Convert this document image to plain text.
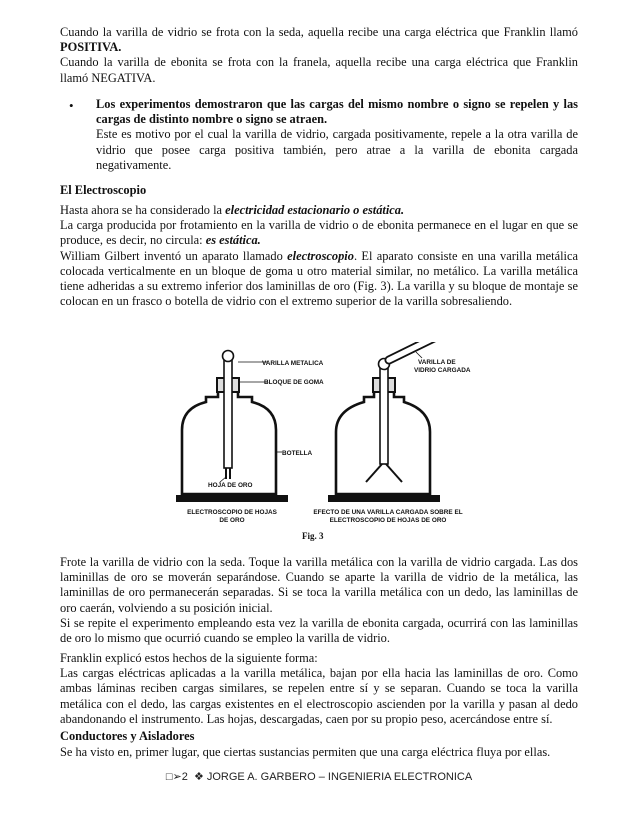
Cuando la varilla de vidrio se frota con la seda, aquella recibe una carga eléctrica que Franklin llamó
POSITIVA.
Cuando la varilla de ebonita se frota con la franela, aquella recibe una carga eléctrica que Franklin
llamó NEGATIVA.
• Los experimentos demostraron que las cargas del mismo nombre o signo se repelen y las
cargas de distinto nombre o signo se atraen.
Este es motivo por el cual la varilla de vidrio, cargada positivamente, repele a la otra varilla de
vidrio que posee carga positiva también, pero atrae a la varilla de ebonita cargada
negativamente.
El Electroscopio
Hasta ahora se ha considerado la electricidad estacionario o estática.
La carga producida por frotamiento en la varilla de vidrio o de ebonita permanece en el lugar en que se
produce, es decir, no circula: es estática.
William Gilbert inventó un aparato llamado electroscopio. El aparato consiste en una varilla metálica
colocada verticalmente en un bloque de goma u otro material similar, no metálico. La varilla metálica
tiene adheridas a su extremo inferior dos laminillas de oro (Fig. 3). La varilla y su bloque de montaje se
colocan en un frasco o botella de vidrio con el extremo superior de la varilla sobresaliendo.
VARILLA METALICA
BLOQUE DE GOMA
BOTELLA
HOJA DE ORO
VARILLA DE
VIDRIO CARGADA
ELECTROSCOPIO DE HOJAS
DE ORO
EFECTO DE UNA VARILLA CARGADA SOBRE EL
ELECTROSCOPIO DE HOJAS DE ORO
Fig. 3
Frote la varilla de vidrio con la seda. Toque la varilla metálica con la varilla de vidrio cargada. Las dos
laminillas de oro se moverán separándose. Cuando se aparte la varilla de vidrio de la metálica, las
laminillas de oro permanecerán separadas. Si se toca la varilla metálica con un dedo, las laminillas de
oro caerán, volviendo a su posición inicial.
Si se repite el experimento empleando esta vez la varilla de ebonita cargada, ocurrirá con las laminillas
de oro lo mismo que ocurrió cuando se empleo la varilla de vidrio.
Franklin explicó estos hechos de la siguiente forma:
Las cargas eléctricas aplicadas a la varilla metálica, bajan por ella hacia las laminillas de oro. Como
ambas láminas reciben cargas similares, se repelen entre sí y se separan. Cuando se toca la varilla
metálica con el dedo, las cargas existentes en el electroscopio ascienden por la varilla y pasan al dedo
abandonando el instrumento. Las hojas, descargadas, caen por su propio peso, acercándose entre sí.
Conductores y Aisladores
Se ha visto en, primer lugar, que ciertas sustancias permiten que una carga eléctrica fluya por ellas.
□➢2 ❖ JORGE A. GARBERO – INGENIERIA ELECTRONICA
